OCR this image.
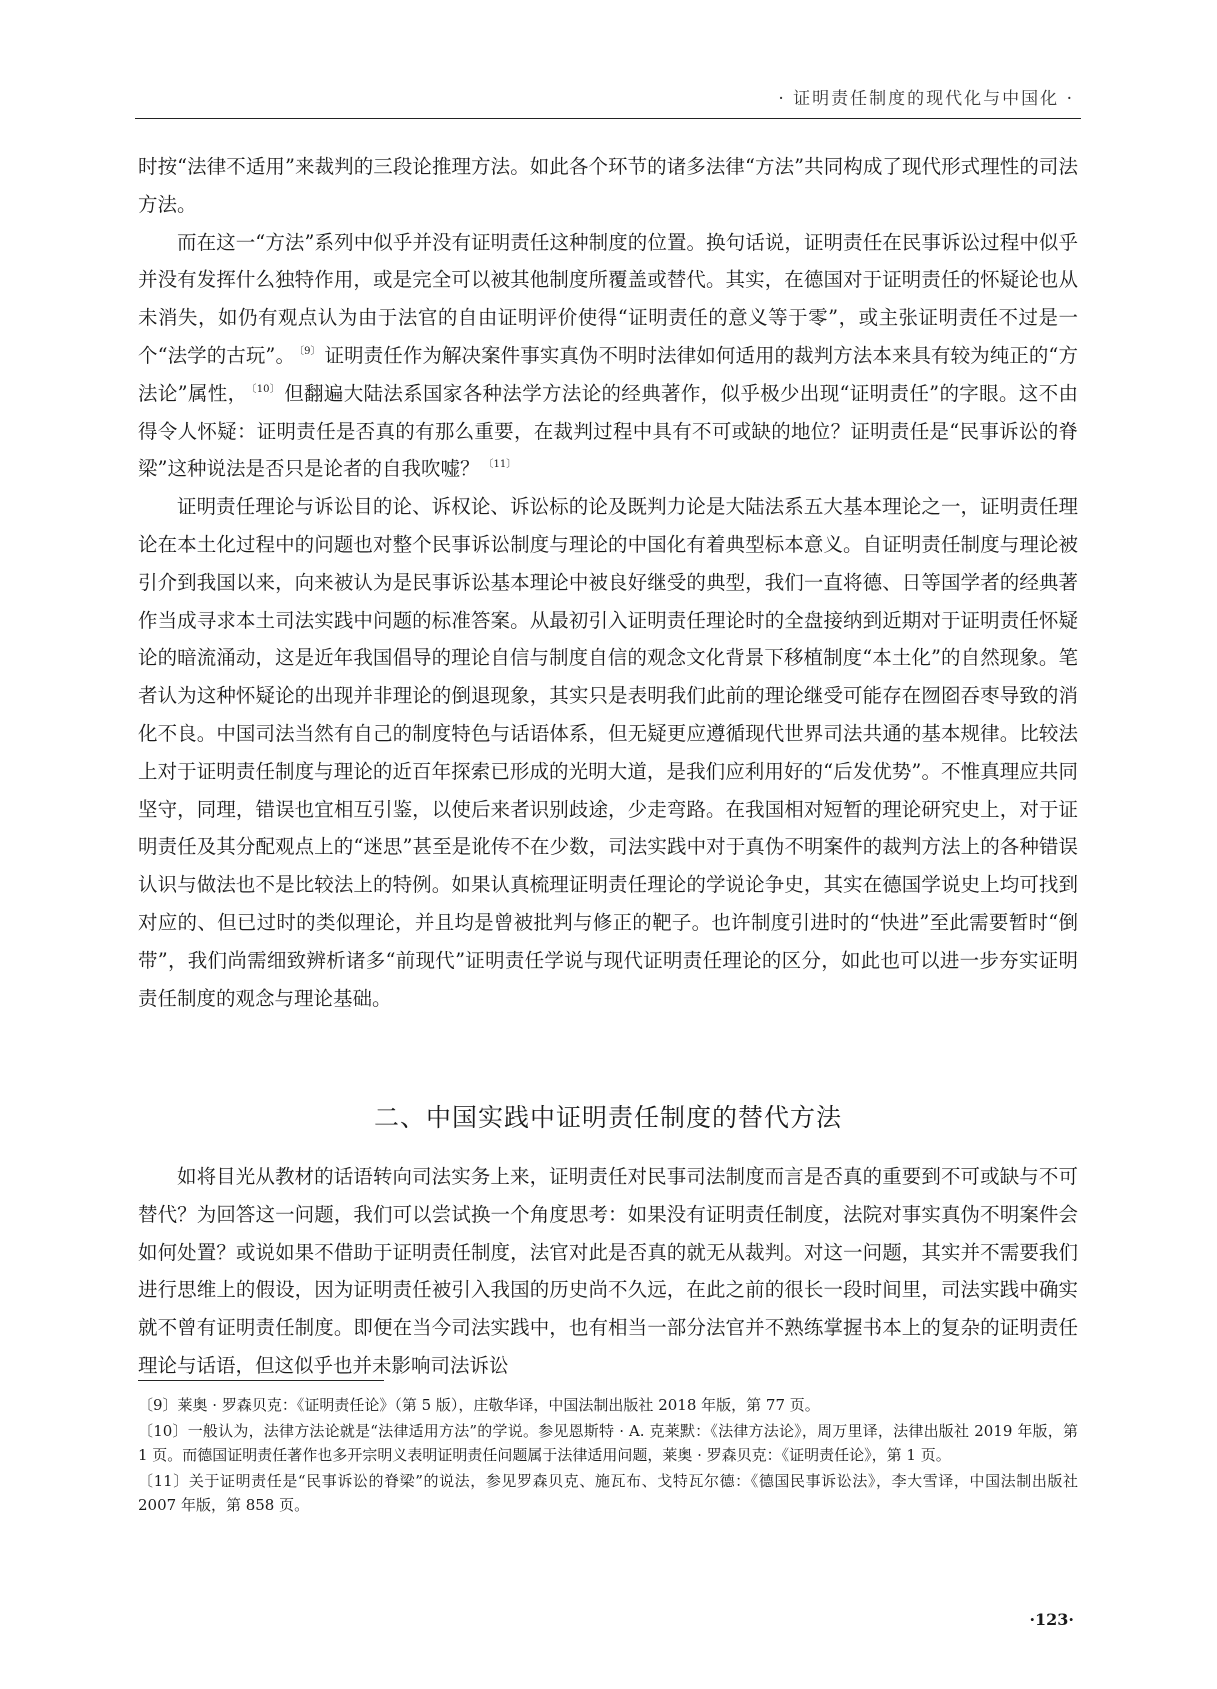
· 证明责任制度的现代化与中国化 ·

时按“法律不适用”来裁判的三段论推理方法。如此各个环节的诸多法律“方法”共同构成了现代形式理性的司法方法。

而在这一“方法”系列中似乎并没有证明责任这种制度的位置。换句话说，证明责任在民事诉讼过程中似乎并没有发挥什么独特作用，或是完全可以被其他制度所覆盖或替代。其实，在德国对于证明责任的怀疑论也从未消失，如仍有观点认为由于法官的自由证明评价使得“证明责任的意义等于零”，或主张证明责任不过是一个“法学的古玩”。 $^{〔9〕}$ 证明责任作为解决案件事实真伪不明时法律如何适用的裁判方法本来具有较为纯正的“方法论”属性， $^{〔10〕}$ 但翻遍大陆法系国家各种法学方法论的经典著作，似乎极少出现“证明责任”的字眼。这不由得令人怀疑：证明责任是否真的有那么重要，在裁判过程中具有不可或缺的地位？证明责任是“民事诉讼的脊梁”这种说法是否只是论者的自我吹嘘？ $^{〔11〕}$

证明责任理论与诉讼目的论、诉权论、诉讼标的论及既判力论是大陆法系五大基本理论之一，证明责任理论在本土化过程中的问题也对整个民事诉讼制度与理论的中国化有着典型标本意义。自证明责任制度与理论被引介到我国以来，向来被认为是民事诉讼基本理论中被良好继受的典型，我们一直将德、日等国学者的经典著作当成寻求本土司法实践中问题的标准答案。从最初引入证明责任理论时的全盘接纳到近期对于证明责任怀疑论的暗流涌动，这是近年我国倡导的理论自信与制度自信的观念文化背景下移植制度“本土化”的自然现象。笔者认为这种怀疑论的出现并非理论的倒退现象，其实只是表明我们此前的理论继受可能存在囫囵吞枣导致的消化不良。中国司法当然有自己的制度特色与话语体系，但无疑更应遵循现代世界司法共通的基本规律。比较法上对于证明责任制度与理论的近百年探索已形成的光明大道，是我们应利用好的“后发优势”。不惟真理应共同坚守，同理，错误也宜相互引鉴，以使后来者识别歧途，少走弯路。在我国相对短暂的理论研究史上，对于证明责任及其分配观点上的“迷思”甚至是讹传不在少数，司法实践中对于真伪不明案件的裁判方法上的各种错误认识与做法也不是比较法上的特例。如果认真梳理证明责任理论的学说论争史，其实在德国学说史上均可找到对应的、但已过时的类似理论，并且均是曾被批判与修正的靶子。也许制度引进时的“快进”至此需要暂时“倒带”，我们尚需细致辨析诸多“前现代”证明责任学说与现代证明责任理论的区分，如此也可以进一步夯实证明责任制度的观念与理论基础。

二、中国实践中证明责任制度的替代方法

如将目光从教材的话语转向司法实务上来，证明责任对民事司法制度而言是否真的重要到不可或缺与不可替代？为回答这一问题，我们可以尝试换一个角度思考：如果没有证明责任制度，法院对事实真伪不明案件会如何处置？或说如果不借助于证明责任制度，法官对此是否真的就无从裁判。对这一问题，其实并不需要我们进行思维上的假设，因为证明责任被引入我国的历史尚不久远，在此之前的很长一段时间里，司法实践中确实就不曾有证明责任制度。即便在当今司法实践中，也有相当一部分法官并不熟练掌握书本上的复杂的证明责任理论与话语，但这似乎也并未影响司法诉讼

〔9〕莱奥 · 罗森贝克：《证明责任论》（第 5 版），庄敬华译，中国法制出版社 2018 年版，第 77 页。

〔10〕一般认为，法律方法论就是“法律适用方法”的学说。参见恩斯特 · A. 克莱默：《法律方法论》，周万里译，法律出版社 2019 年版，第 1 页。而德国证明责任著作也多开宗明义表明证明责任问题属于法律适用问题，莱奥 · 罗森贝克：《证明责任论》，第 1 页。

〔11〕关于证明责任是“民事诉讼的脊梁”的说法，参见罗森贝克、施瓦布、戈特瓦尔德：《德国民事诉讼法》，李大雪译，中国法制出版社 2007 年版，第 858 页。

·123·
